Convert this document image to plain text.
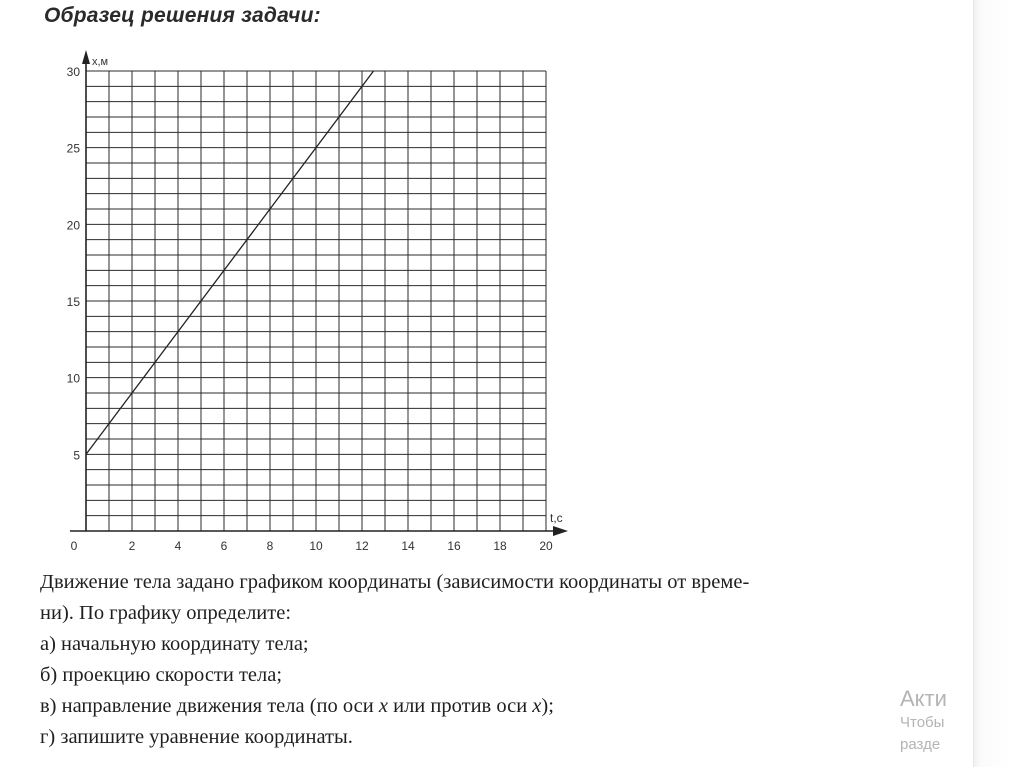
Образец решения задачи:
0	2	4	6	8	10	12	14	16	18	20
5
10
15
20
25
30
t,с
x,м
Движение тела задано графиком координаты (зависимости координаты от време-
ни). По графику определите:
а) начальную координату тела;
б) проекцию скорости тела;
в) направление движения тела (по оси x или против оси x);
г) запишите уравнение координаты.
Акти
Чтобы
разде
